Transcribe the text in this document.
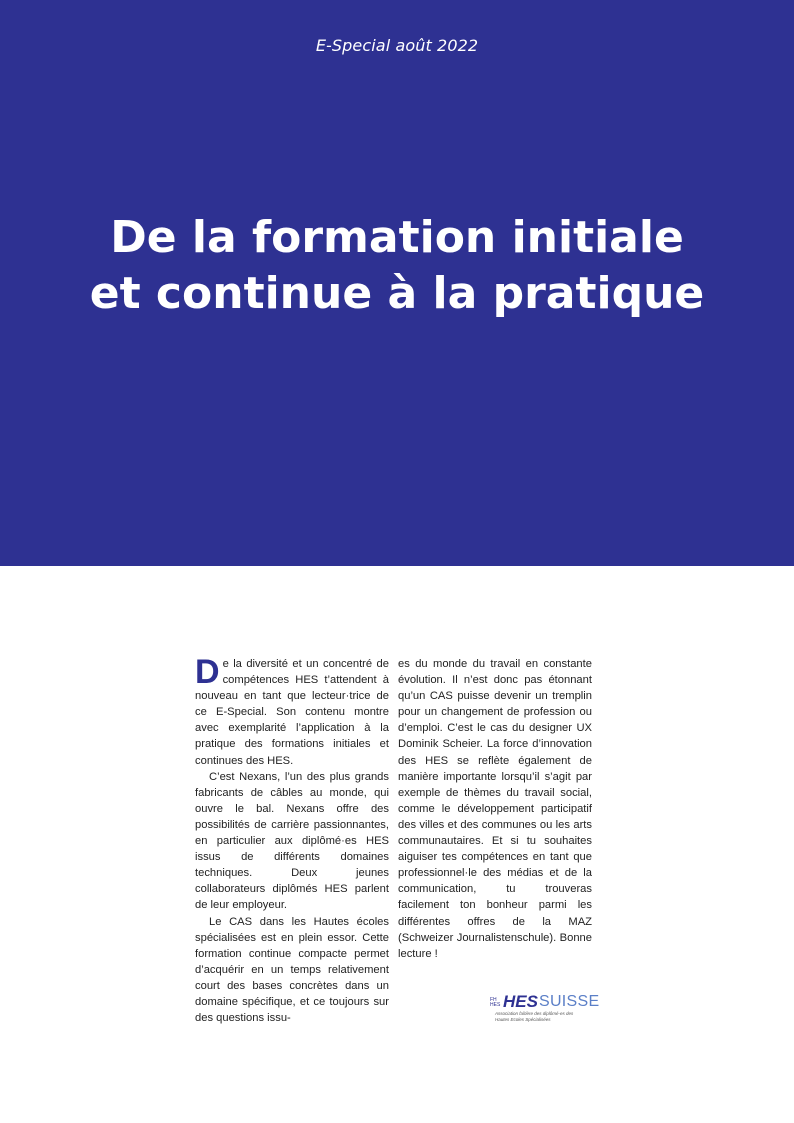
E-Special août 2022
De la formation initiale
et continue à la pratique

De la diversité et un concentré de compétences HES t’attendent à nouveau en tant que lecteur·trice de ce E-Special. Son contenu montre avec exemplarité l’application à la pratique des formations initiales et continues des HES.

C’est Nexans, l’un des plus grands fabricants de câbles au monde, qui ouvre le bal. Nexans offre des possibilités de carrière passionnantes, en particulier aux diplômé·es HES issus de différents domaines techniques. Deux jeunes collaborateurs diplômés HES parlent de leur employeur.

Le CAS dans les Hautes écoles spécialisées est en plein essor. Cette formation continue compacte permet d’acquérir en un temps relativement court des bases concrètes dans un domaine spécifique, et ce toujours sur des questions issu-

es du monde du travail en constante évolution. Il n’est donc pas étonnant qu’un CAS puisse devenir un tremplin pour un changement de profession ou d’emploi. C’est le cas du designer UX Dominik Scheier. La force d’innovation des HES se reflète également de manière importante lorsqu’il s’agit par exemple de thèmes du travail social, comme le développement participatif des villes et des communes ou les arts communautaires. Et si tu souhaites aiguiser tes compétences en tant que professionnel·le des médias et de la communication, tu trouveras facilement ton bonheur parmi les différentes offres de la MAZ (Schweizer Journalistenschule). Bonne lecture !

FH HES HES SUISSE
Association faîtière des diplômé·es des Hautes Ecoles Spécialisées
